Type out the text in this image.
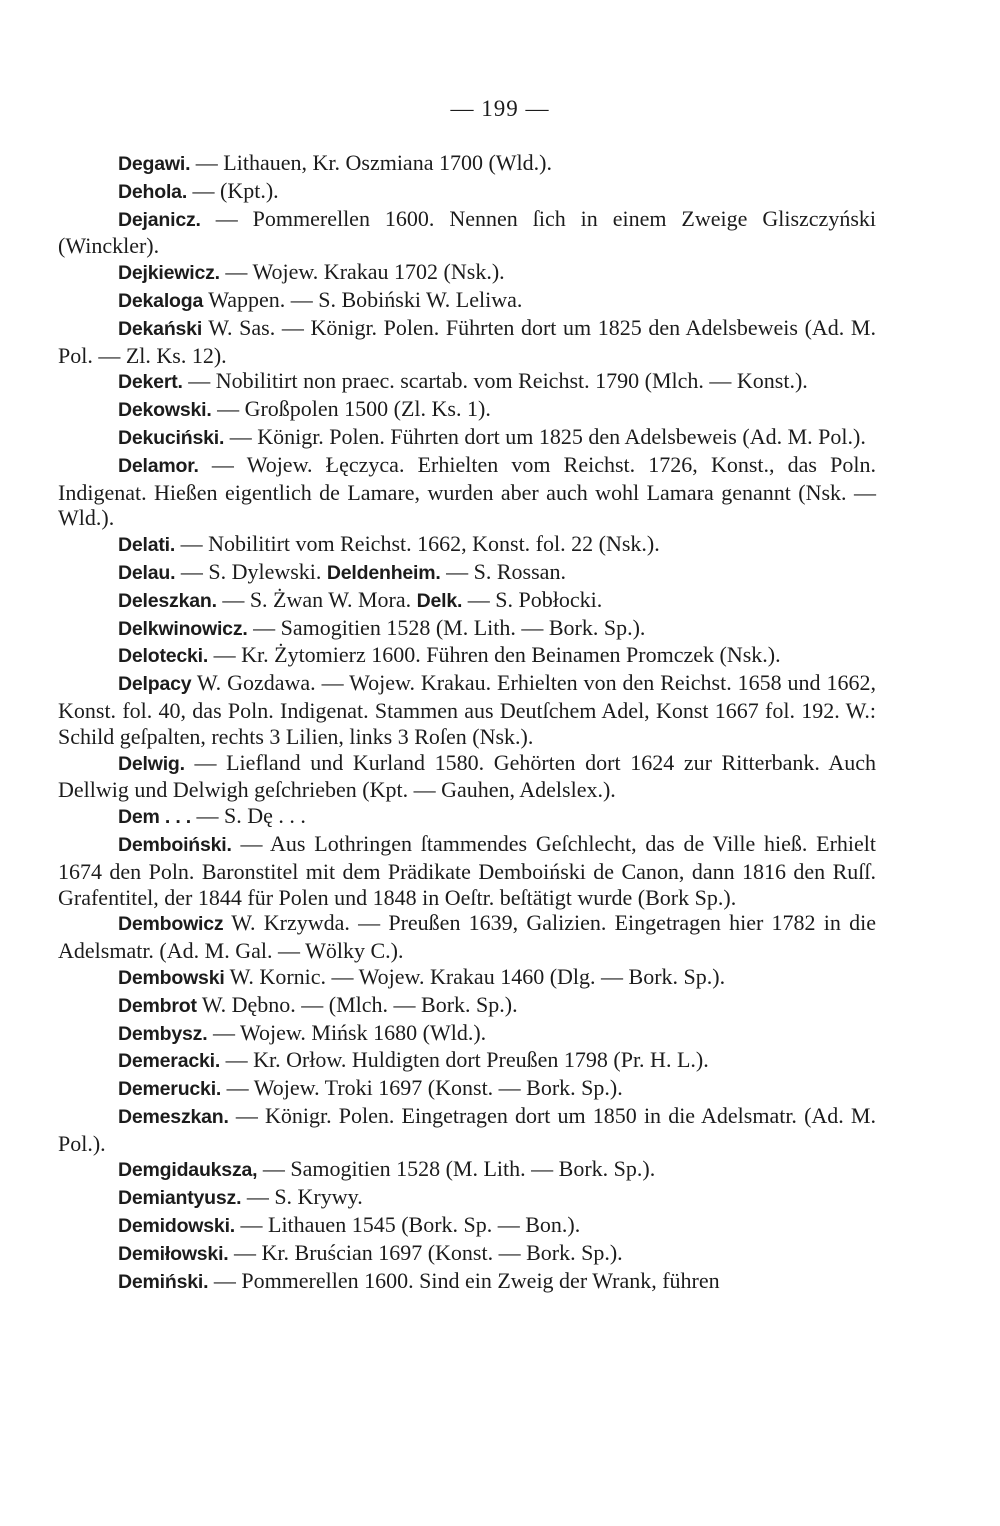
— 199 —

Degawi. — Lithauen, Kr. Oszmiana 1700 (Wld.).

Dehola. — (Kpt.).

Dejanicz. — Pommerellen 1600. Nennen ſich in einem Zweige Gliszczyński (Winckler).

Dejkiewicz. — Wojew. Krakau 1702 (Nsk.).

Dekaloga Wappen. — S. Bobiński W. Leliwa.

Dekański W. Sas. — Königr. Polen. Führten dort um 1825 den Adelsbeweis (Ad. M. Pol. — Zl. Ks. 12).

Dekert. — Nobilitirt non praec. scartab. vom Reichst. 1790 (Mlch. — Konst.).

Dekowski. — Großpolen 1500 (Zl. Ks. 1).

Dekuciński. — Königr. Polen. Führten dort um 1825 den Adelsbeweis (Ad. M. Pol.).

Delamor. — Wojew. Łęczyca. Erhielten vom Reichst. 1726, Konst., das Poln. Indigenat. Hießen eigentlich de Lamare, wurden aber auch wohl Lamara genannt (Nsk. — Wld.).

Delati. — Nobilitirt vom Reichst. 1662, Konst. fol. 22 (Nsk.).

Delau. — S. Dylewski. Deldenheim. — S. Rossan.

Deleszkan. — S. Żwan W. Mora. Delk. — S. Pobłocki.

Delkwinowicz. — Samogitien 1528 (M. Lith. — Bork. Sp.).

Delotecki. — Kr. Żytomierz 1600. Führen den Beinamen Promczek (Nsk.).

Delpacy W. Gozdawa. — Wojew. Krakau. Erhielten von den Reichst. 1658 und 1662, Konst. fol. 40, das Poln. Indigenat. Stammen aus Deutſchem Adel, Konst 1667 fol. 192. W.: Schild geſpalten, rechts 3 Lilien, links 3 Roſen (Nsk.).

Delwig. — Liefland und Kurland 1580. Gehörten dort 1624 zur Ritterbank. Auch Dellwig und Delwigh geſchrieben (Kpt. — Gauhen, Adelslex.).

Dem . . . — S. Dę . . .

Demboiński. — Aus Lothringen ſtammendes Geſchlecht, das de Ville hieß. Erhielt 1674 den Poln. Baronstitel mit dem Prädikate Demboiński de Canon, dann 1816 den Ruſſ. Grafentitel, der 1844 für Polen und 1848 in Oeſtr. beſtätigt wurde (Bork Sp.).

Dembowicz W. Krzywda. — Preußen 1639, Galizien. Eingetragen hier 1782 in die Adelsmatr. (Ad. M. Gal. — Wölky C.).

Dembowski W. Kornic. — Wojew. Krakau 1460 (Dlg. — Bork. Sp.).

Dembrot W. Dębno. — (Mlch. — Bork. Sp.).

Dembysz. — Wojew. Mińsk 1680 (Wld.).

Demeracki. — Kr. Orłow. Huldigten dort Preußen 1798 (Pr. H. L.).

Demerucki. — Wojew. Troki 1697 (Konst. — Bork. Sp.).

Demeszkan. — Königr. Polen. Eingetragen dort um 1850 in die Adelsmatr. (Ad. M. Pol.).

Demgidauksza, — Samogitien 1528 (M. Lith. — Bork. Sp.).

Demiantyusz. — S. Krywy.

Demidowski. — Lithauen 1545 (Bork. Sp. — Bon.).

Demiłowski. — Kr. Bruścian 1697 (Konst. — Bork. Sp.).

Demiński. — Pommerellen 1600. Sind ein Zweig der Wrank, führen
